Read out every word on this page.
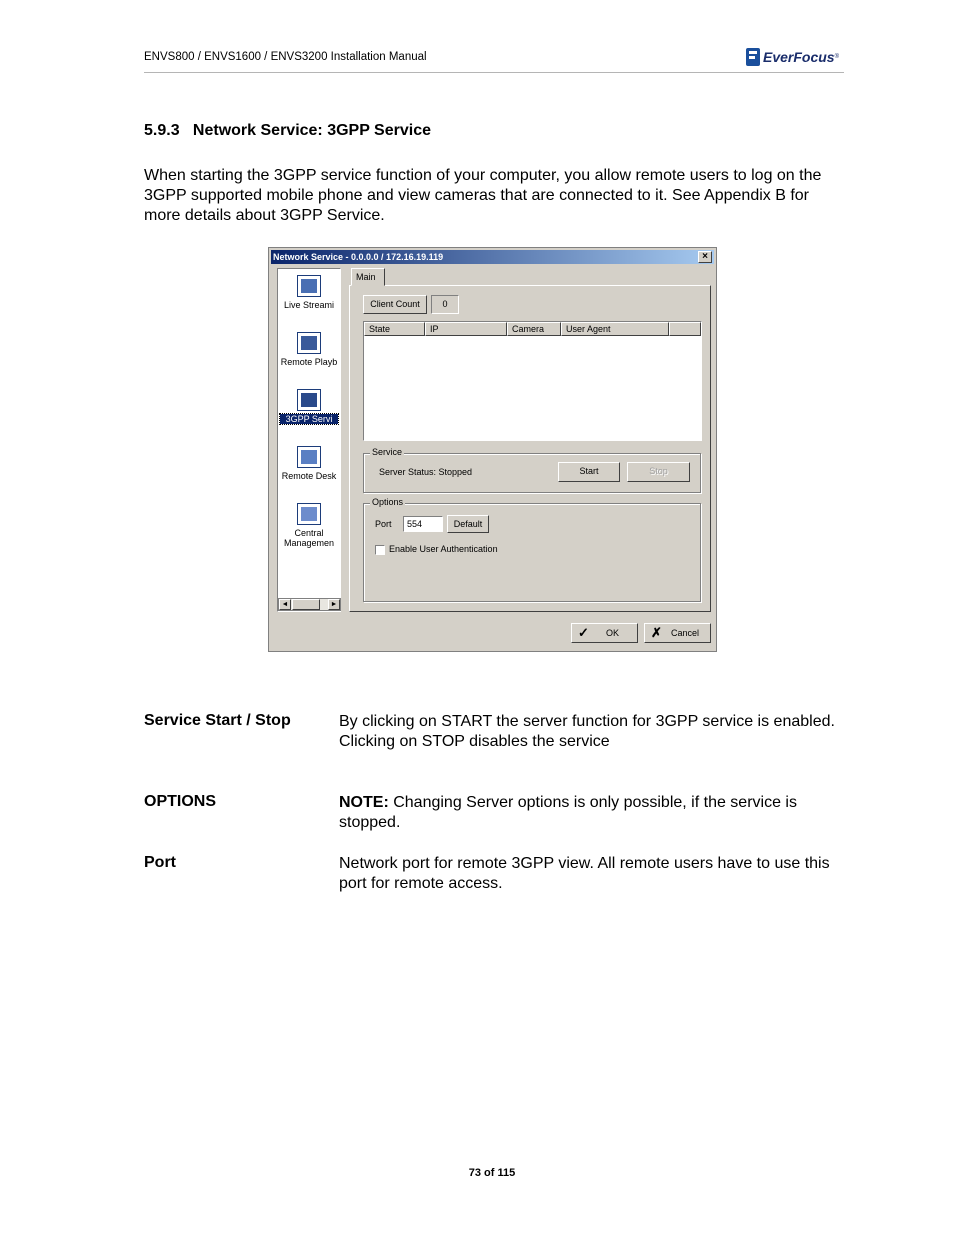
ENVS800 / ENVS1600 / ENVS3200 Installation Manual	EverFocus ®
5.9.3   Network Service: 3GPP Service
When starting the 3GPP service function of your computer, you allow remote users to log on the 3GPP supported mobile phone and view cameras that are connected to it. See Appendix B for more details about 3GPP Service.
Network Service - 0.0.0.0 / 172.16.19.119	×
Live Streami
Remote Playb
3GPP Servi
Remote Desk
Central
Managemen
◄	►
Main
Client Count	0
State	IP	Camera	User Agent
Service
Server Status: Stopped	Start	Stop
Options
Port	554	Default
Enable User Authentication
✓ OK ✗ Cancel
Service Start / Stop	By clicking on START the server function for 3GPP service is enabled.
Clicking on STOP disables the service
OPTIONS	NOTE: Changing Server options is only possible, if the service is stopped.
Port	Network port for remote 3GPP view. All remote users have to use this port for remote access.
73 of 115
